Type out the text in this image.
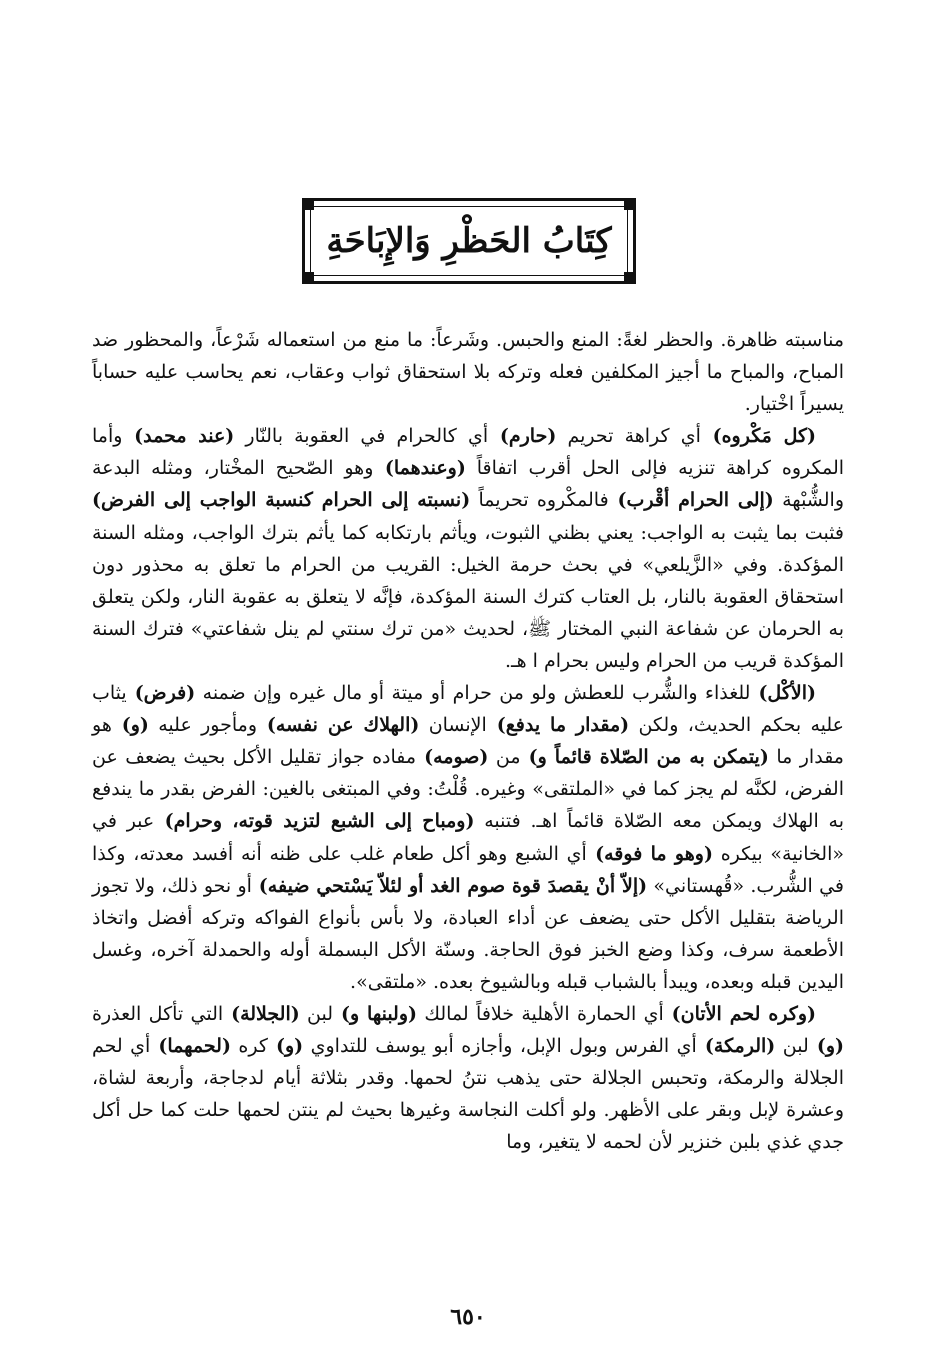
كِتَابُ الحَظْرِ وَالإِبَاحَةِ

مناسبته ظاهرة. والحظر لغةً: المنع والحبس. وشَرعاً: ما منع من استعماله شَرْعاً، والمحظور ضد المباح، والمباح ما أجيز المكلفين فعله وتركه بلا استحقاق ثواب وعقاب، نعم يحاسب عليه حساباً يسيراً اخْتيار.

(كل مَكْروه) أي كراهة تحريم (حارم) أي كالحرام في العقوبة بالنّار (عند محمد) وأما المكروه كراهة تنزيه فإلى الحل أقرب اتفاقاً (وعندهما) وهو الصّحيح المخْتار، ومثله البدعة والشُّبْهة (إلى الحرام أقْرب) فالمكْروه تحريماً (نسبته إلى الحرام كنسبة الواجب إلى الفرض) فثبت بما يثبت به الواجب: يعني بظني الثبوت، ويأثم بارتكابه كما يأثم بترك الواجب، ومثله السنة المؤكدة. وفي «الزَّيلعي» في بحث حرمة الخيل: القريب من الحرام ما تعلق به محذور دون استحقاق العقوبة بالنار، بل العتاب كترك السنة المؤكدة، فإنَّه لا يتعلق به عقوبة النار، ولكن يتعلق به الحرمان عن شفاعة النبي المختار ﷺ، لحديث «من ترك سنتي لم ينل شفاعتي» فترك السنة المؤكدة قريب من الحرام وليس بحرام ا هـ.

(الأكْل) للغذاء والشُّرب للعطش ولو من حرام أو ميتة أو مال غيره وإن ضمنه (فرض) يثاب عليه بحكم الحديث، ولكن (مقدار ما يدفع) الإنسان (الهلاك عن نفسه) ومأجور عليه (و) هو مقدار ما (يتمكن به من الصّلاة قائماً و) من (صومه) مفاده جواز تقليل الأكل بحيث يضعف عن الفرض، لكنَّه لم يجز كما في «الملتقى» وغيره. قُلْتُ: وفي المبتغى بالغين: الفرض بقدر ما يندفع به الهلاك ويمكن معه الصّلاة قائماً اهـ. فتنبه (ومباح إلى الشبع لتزيد قوته، وحرام) عبر في «الخانية» بيكره (وهو ما فوقه) أي الشبع وهو أكل طعام غلب على ظنه أنه أفسد معدته، وكذا في الشُّرب. «قُهستاني» (إلاّ أنْ يقصدَ قوة صوم الغد أو لئلاّ يَسْتحي ضيفه) أو نحو ذلك، ولا تجوز الرياضة بتقليل الأكل حتى يضعف عن أداء العبادة، ولا بأس بأنواع الفواكه وتركه أفضل واتخاذ الأطعمة سرف، وكذا وضع الخبز فوق الحاجة. وسنّة الأكل البسملة أوله والحمدلة آخره، وغسل اليدين قبله وبعده، ويبدأ بالشباب قبله وبالشيوخ بعده. «ملتقى».

(وكره لحم الأتان) أي الحمارة الأهلية خلافاً لمالك (ولبنها و) لبن (الجلالة) التي تأكل العذرة (و) لبن (الرمكة) أي الفرس وبول الإبل، وأجازه أبو يوسف للتداوي (و) كره (لحمهما) أي لحم الجلالة والرمكة، وتحبس الجلالة حتى يذهب نتنُ لحمها. وقدر بثلاثة أيام لدجاجة، وأربعة لشاة، وعشرة لإبل وبقر على الأظهر. ولو أكلت النجاسة وغيرها بحيث لم ينتن لحمها حلت كما حل أكل جدي غذي بلبن خنزير لأن لحمه لا يتغير، وما

٦٥٠
